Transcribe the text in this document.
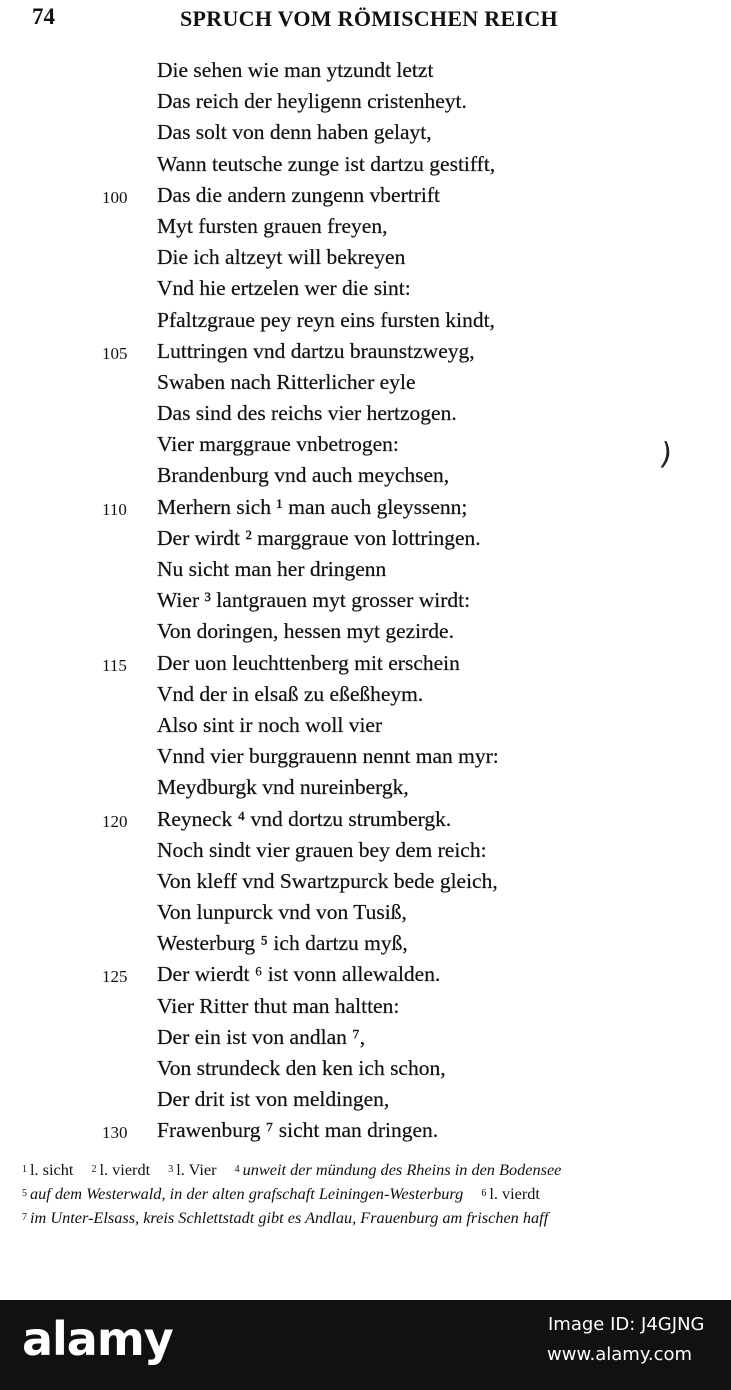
74	SPRUCH VOM RÖMISCHEN REICH
Die sehen wie man ytzundt letzt
Das reich der heyligenn cristenheyt.
Das solt von denn haben gelayt,
Wann teutsche zunge ist dartzu gestifft,
100	Das die andern zungenn vbertrift
Myt fursten grauen freyen,
Die ich altzeyt will bekreyen
Vnd hie ertzelen wer die sint:
Pfaltzgraue pey reyn eins fursten kindt,
105	Luttringen vnd dartzu braunstzweyg,
Swaben nach Ritterlicher eyle
Das sind des reichs vier hertzogen.
Vier marggraue vnbetrogen:
Brandenburg vnd auch meychsen,
110	Merhern sich ¹ man auch gleyssenn;
Der wirdt ² marggraue von lottringen.
Nu sicht man her dringenn
Wier ³ lantgrauen myt grosser wirdt:
Von doringen, hessen myt gezirde.
115	Der uon leuchttenberg mit erschein
Vnd der in elsaß zu eßeßheym.
Also sint ir noch woll vier
Vnnd vier burggrauenn nennt man myr:
Meydburgk vnd nureinbergk,
120	Reyneck ⁴ vnd dortzu strumbergk.
Noch sindt vier grauen bey dem reich:
Von kleff vnd Swartzpurck bede gleich,
Von lunpurck vnd von Tusiß,
Westerburg ⁵ ich dartzu myß,
125	Der wierdt ⁶ ist vonn allewalden.
Vier Ritter thut man haltten:
Der ein ist von andlan ⁷,
Von strundeck den ken ich schon,
Der drit ist von meldingen,
130	Frawenburg ⁷ sicht man dringen.
)
$^1$ l. sicht $^2$ l. vierdt $^3$ l. Vier $^4$ unweit der mündung des Rheins in den Bodensee
$^5$ auf dem Westerwald, in der alten grafschaft Leiningen-Westerburg $^6$ l. vierdt
$^7$ im Unter-Elsass, kreis Schlettstadt gibt es Andlau, Frauenburg am frischen haff
alamy	Image ID: J4GJNG
www.alamy.com
